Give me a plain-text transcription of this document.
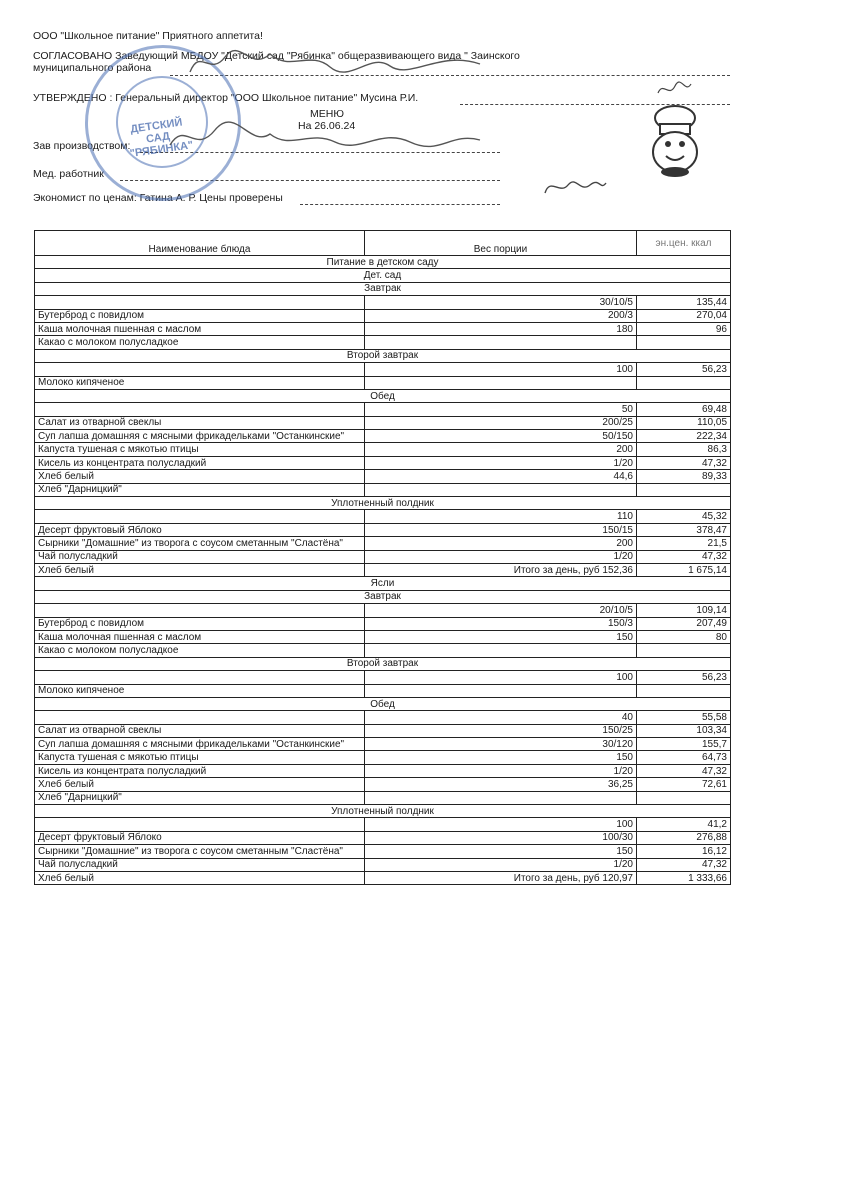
ООО "Школьное питание" Приятного аппетита!
СОГЛАСОВАНО Заведующий МБДОУ "Детский сад "Рябинка" общеразвивающего вида " Заинского
муниципального района
УТВЕРЖДЕНО : Генеральный директор "ООО Школьное питание" Мусина Р.И.
МЕНЮ
На 26.06.24
Зав производством:
Мед. работник
Экономист по ценам: Гатина А. Р. Цены проверены
ДЕТСКИЙ САД "РЯБИНКА"
Наименование блюда	Вес порции	эн.цен. ккал
Питание в детском саду		
Дет. сад		
Завтрак		
	30/10/5	135,44
Бутерброд с повидлом	200/3	270,04
Каша молочная пшенная с маслом	180	96
Какао с молоком полусладкое		
Второй завтрак		
	100	56,23
Молоко кипяченое		
Обед		
	50	69,48
Салат из отварной свеклы	200/25	110,05
Суп лапша домашняя с мясными фрикадельками "Останкинские"	50/150	222,34
Капуста тушеная с мякотью птицы	200	86,3
Кисель из концентрата полусладкий	1/20	47,32
Хлеб белый	44,6	89,33
Хлеб "Дарницкий"		
Уплотненный полдник		
	110	45,32
Десерт фруктовый Яблоко	150/15	378,47
Сырники "Домашние" из творога с соусом сметанным "Сластёна"	200	21,5
Чай полусладкий	1/20	47,32
Хлеб белый	Итого за день, руб 152,36	1 675,14
Ясли		
Завтрак		
	20/10/5	109,14
Бутерброд с повидлом	150/3	207,49
Каша молочная пшенная с маслом	150	80
Какао с молоком полусладкое		
Второй завтрак		
	100	56,23
Молоко кипяченое		
Обед		
	40	55,58
Салат из отварной свеклы	150/25	103,34
Суп лапша домашняя с мясными фрикадельками "Останкинские"	30/120	155,7
Капуста тушеная с мякотью птицы	150	64,73
Кисель из концентрата полусладкий	1/20	47,32
Хлеб белый	36,25	72,61
Хлеб "Дарницкий"		
Уплотненный полдник		
	100	41,2
Десерт фруктовый Яблоко	100/30	276,88
Сырники "Домашние" из творога с соусом сметанным "Сластёна"	150	16,12
Чай полусладкий	1/20	47,32
Хлеб белый	Итого за день, руб 120,97	1 333,66
